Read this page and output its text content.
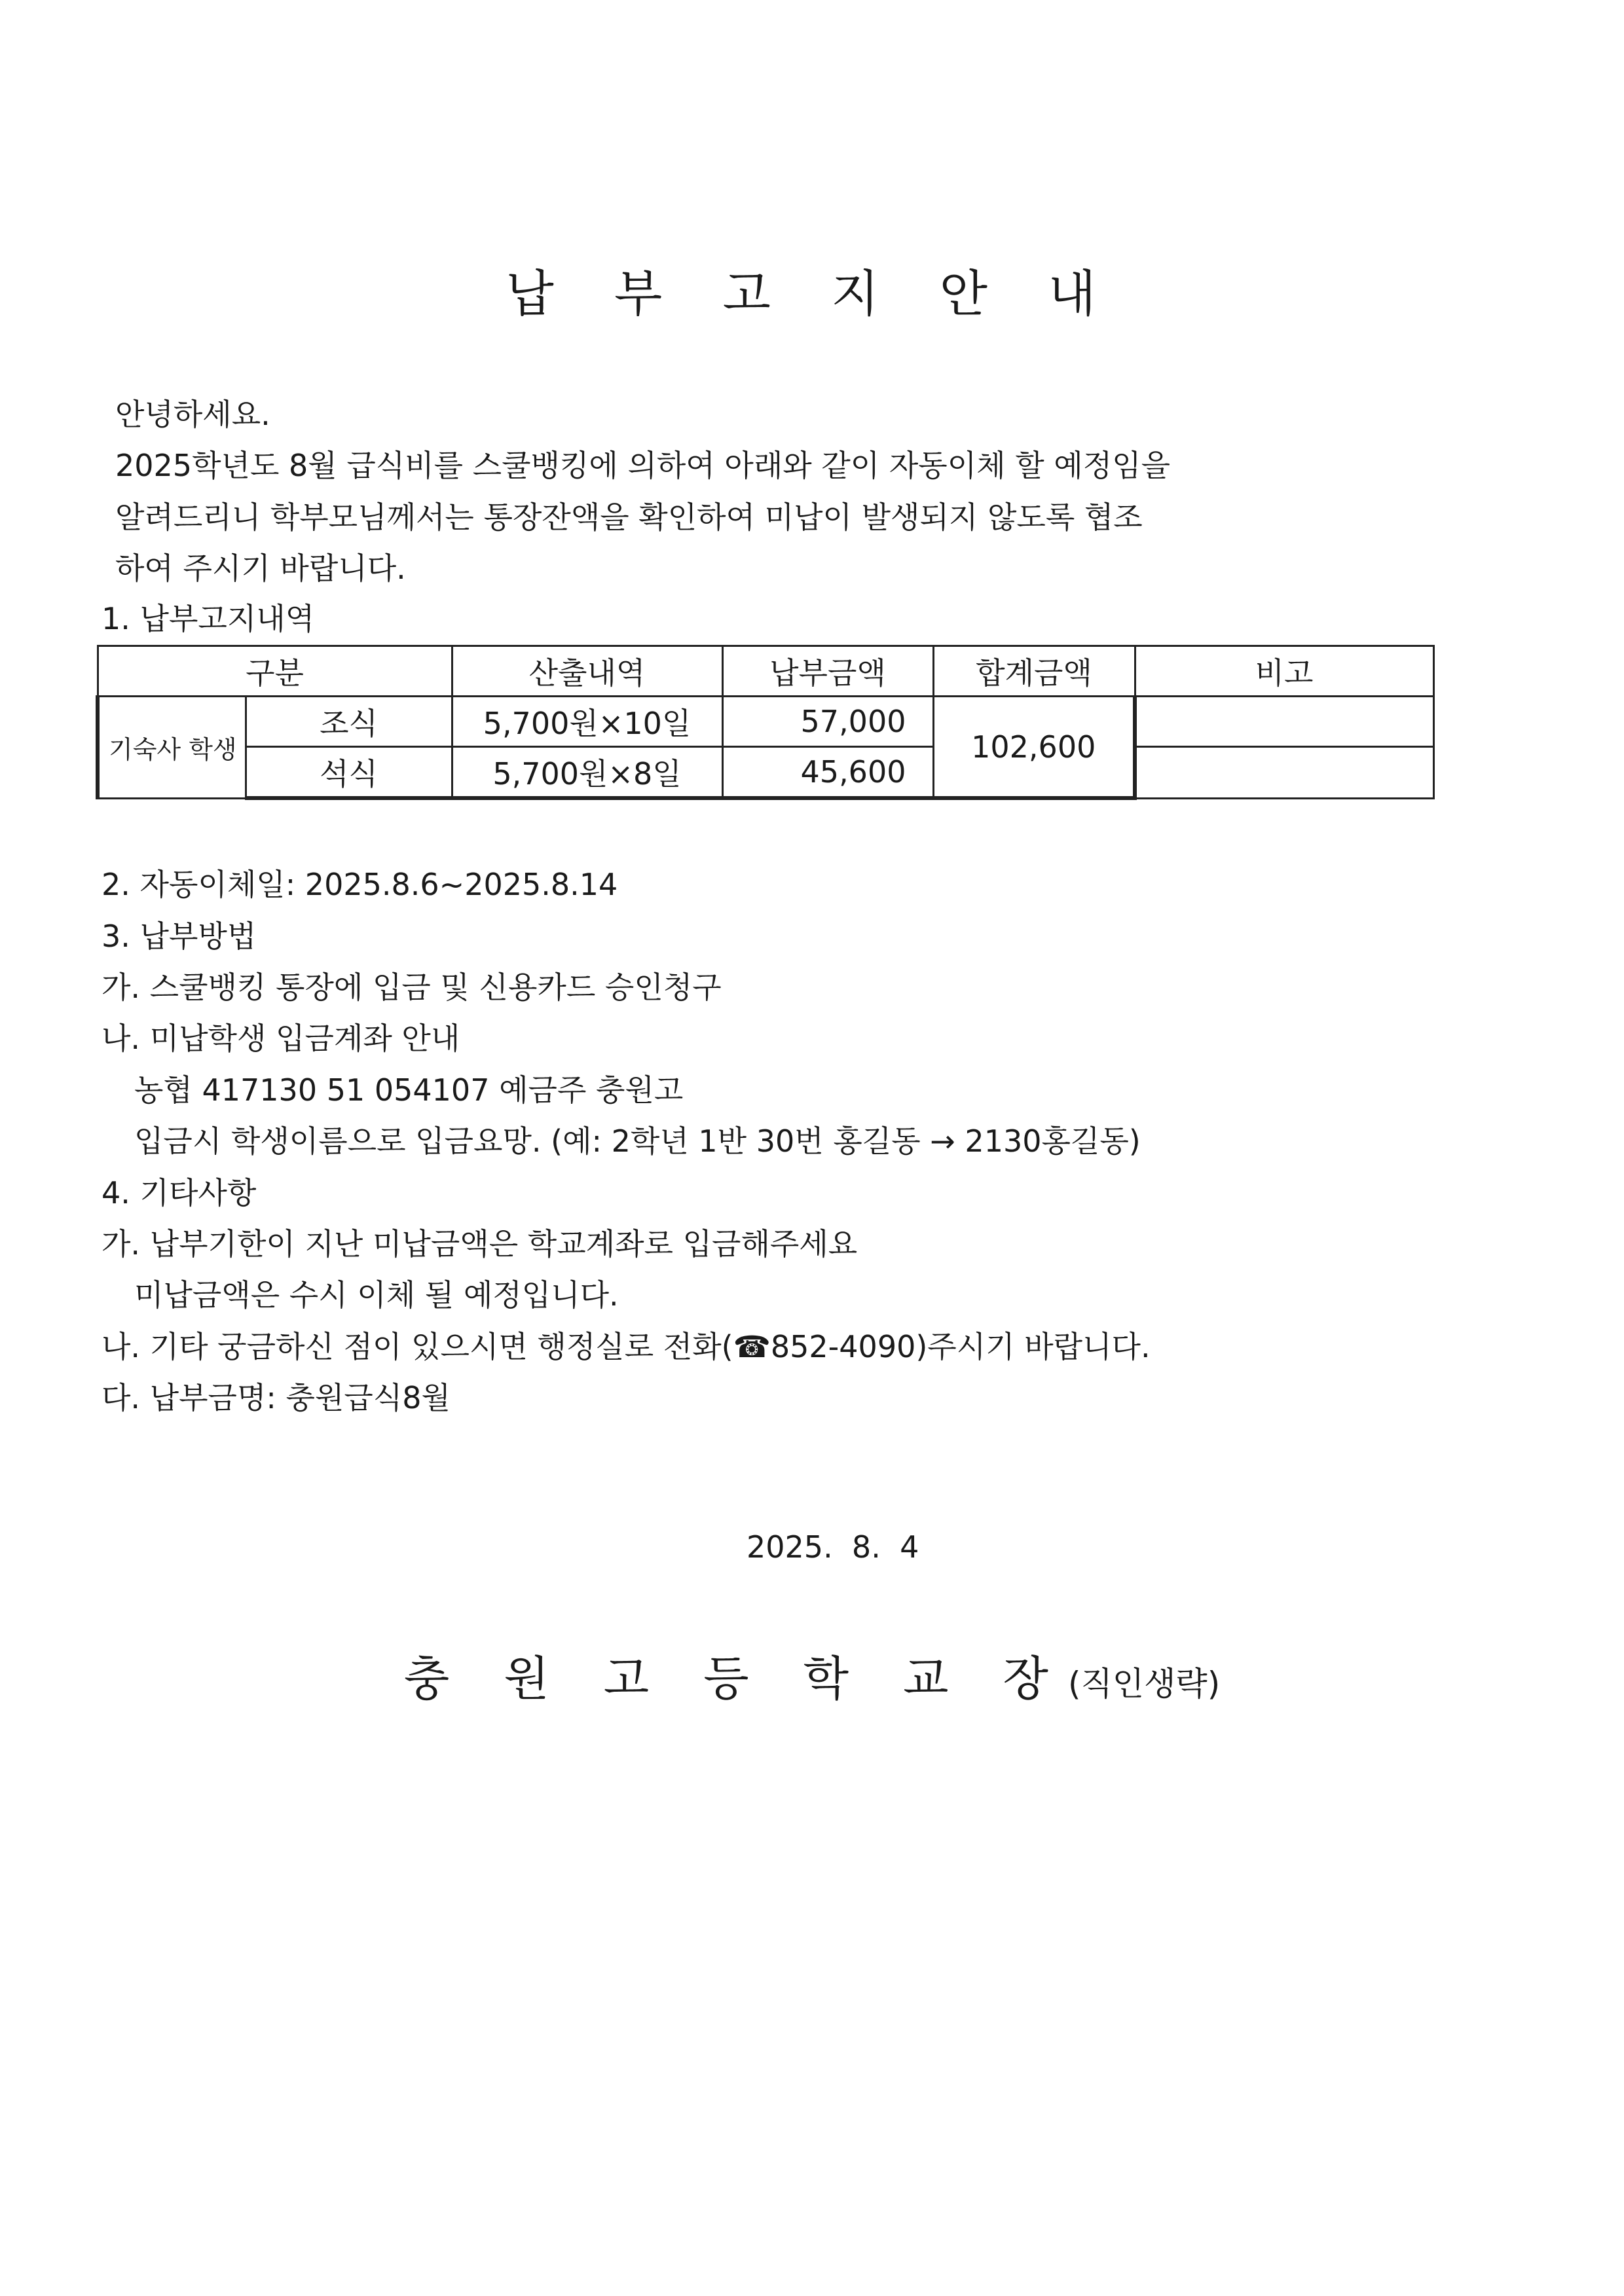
납 부 고 지 안 내
안녕하세요.
2025학년도 8월 급식비를 스쿨뱅킹에 의하여 아래와 같이 자동이체 할 예정임을
알려드리니 학부모님께서는 통장잔액을 확인하여 미납이 발생되지 않도록 협조
하여 주시기 바랍니다.
1. 납부고지내역
구분		산출내역	납부금액	합계금액	비고
기숙사 학생	조식	5,700원×10일	57,000	102,600	
	석식	5,700원×8일	45,600		
2. 자동이체일: 2025.8.6~2025.8.14
3. 납부방법
가. 스쿨뱅킹 통장에 입금 및 신용카드 승인청구
나. 미납학생 입금계좌 안내
농협 417130 51 054107 예금주 충원고
입금시 학생이름으로 입금요망. (예: 2학년 1반 30번 홍길동 → 2130홍길동)
4. 기타사항
가. 납부기한이 지난 미납금액은 학교계좌로 입금해주세요
미납금액은 수시 이체 될 예정입니다.
나. 기타 궁금하신 점이 있으시면 행정실로 전화(☎852-4090)주시기 바랍니다.
다. 납부금명: 충원급식8월
2025.  8.  4
충 원 고 등 학 교 장(직인생략)
